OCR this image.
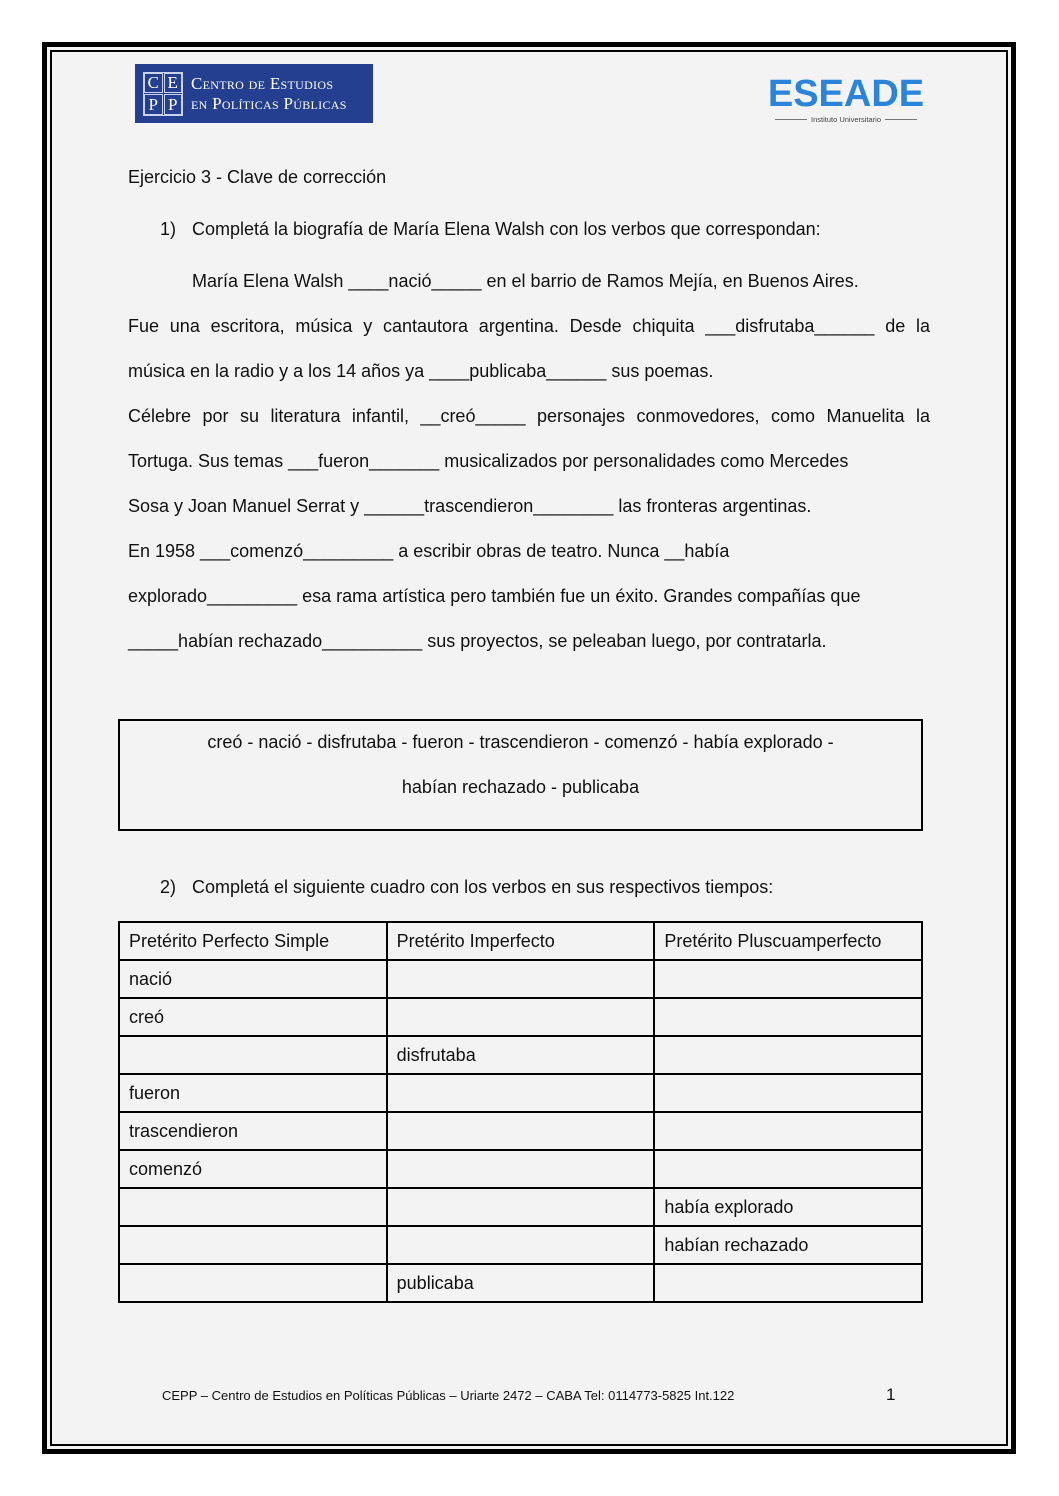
C E
P P
Centro de Estudios
en Políticas Públicas	ESEADE
Instituto Universitario
Ejercicio 3 - Clave de corrección
1) Completá la biografía de María Elena Walsh con los verbos que correspondan:
María Elena Walsh ____nació_____ en el barrio de Ramos Mejía, en Buenos Aires.
Fue una escritora, música y cantautora argentina. Desde chiquita ___disfrutaba______ de la
música en la radio y a los 14 años ya ____publicaba______ sus poemas.
Célebre por su literatura infantil, __creó_____ personajes conmovedores, como Manuelita la
Tortuga. Sus temas ___fueron_______ musicalizados por personalidades como Mercedes
Sosa y Joan Manuel Serrat y ______trascendieron________ las fronteras argentinas.
En 1958 ___comenzó_________ a escribir obras de teatro. Nunca __había
explorado_________ esa rama artística pero también fue un éxito. Grandes compañías que
_____habían rechazado__________ sus proyectos, se peleaban luego, por contratarla.
creó - nació - disfrutaba - fueron - trascendieron - comenzó - había explorado -
habían rechazado - publicaba
2) Completá el siguiente cuadro con los verbos en sus respectivos tiempos:
Pretérito Perfecto Simple	Pretérito Imperfecto	Pretérito Pluscuamperfecto
nació		
creó		
	disfrutaba	
fueron		
trascendieron		
comenzó		
		había explorado
		habían rechazado
	publicaba	
CEPP – Centro de Estudios en Políticas Públicas – Uriarte 2472 – CABA Tel: 0114773-5825 Int.122	1
